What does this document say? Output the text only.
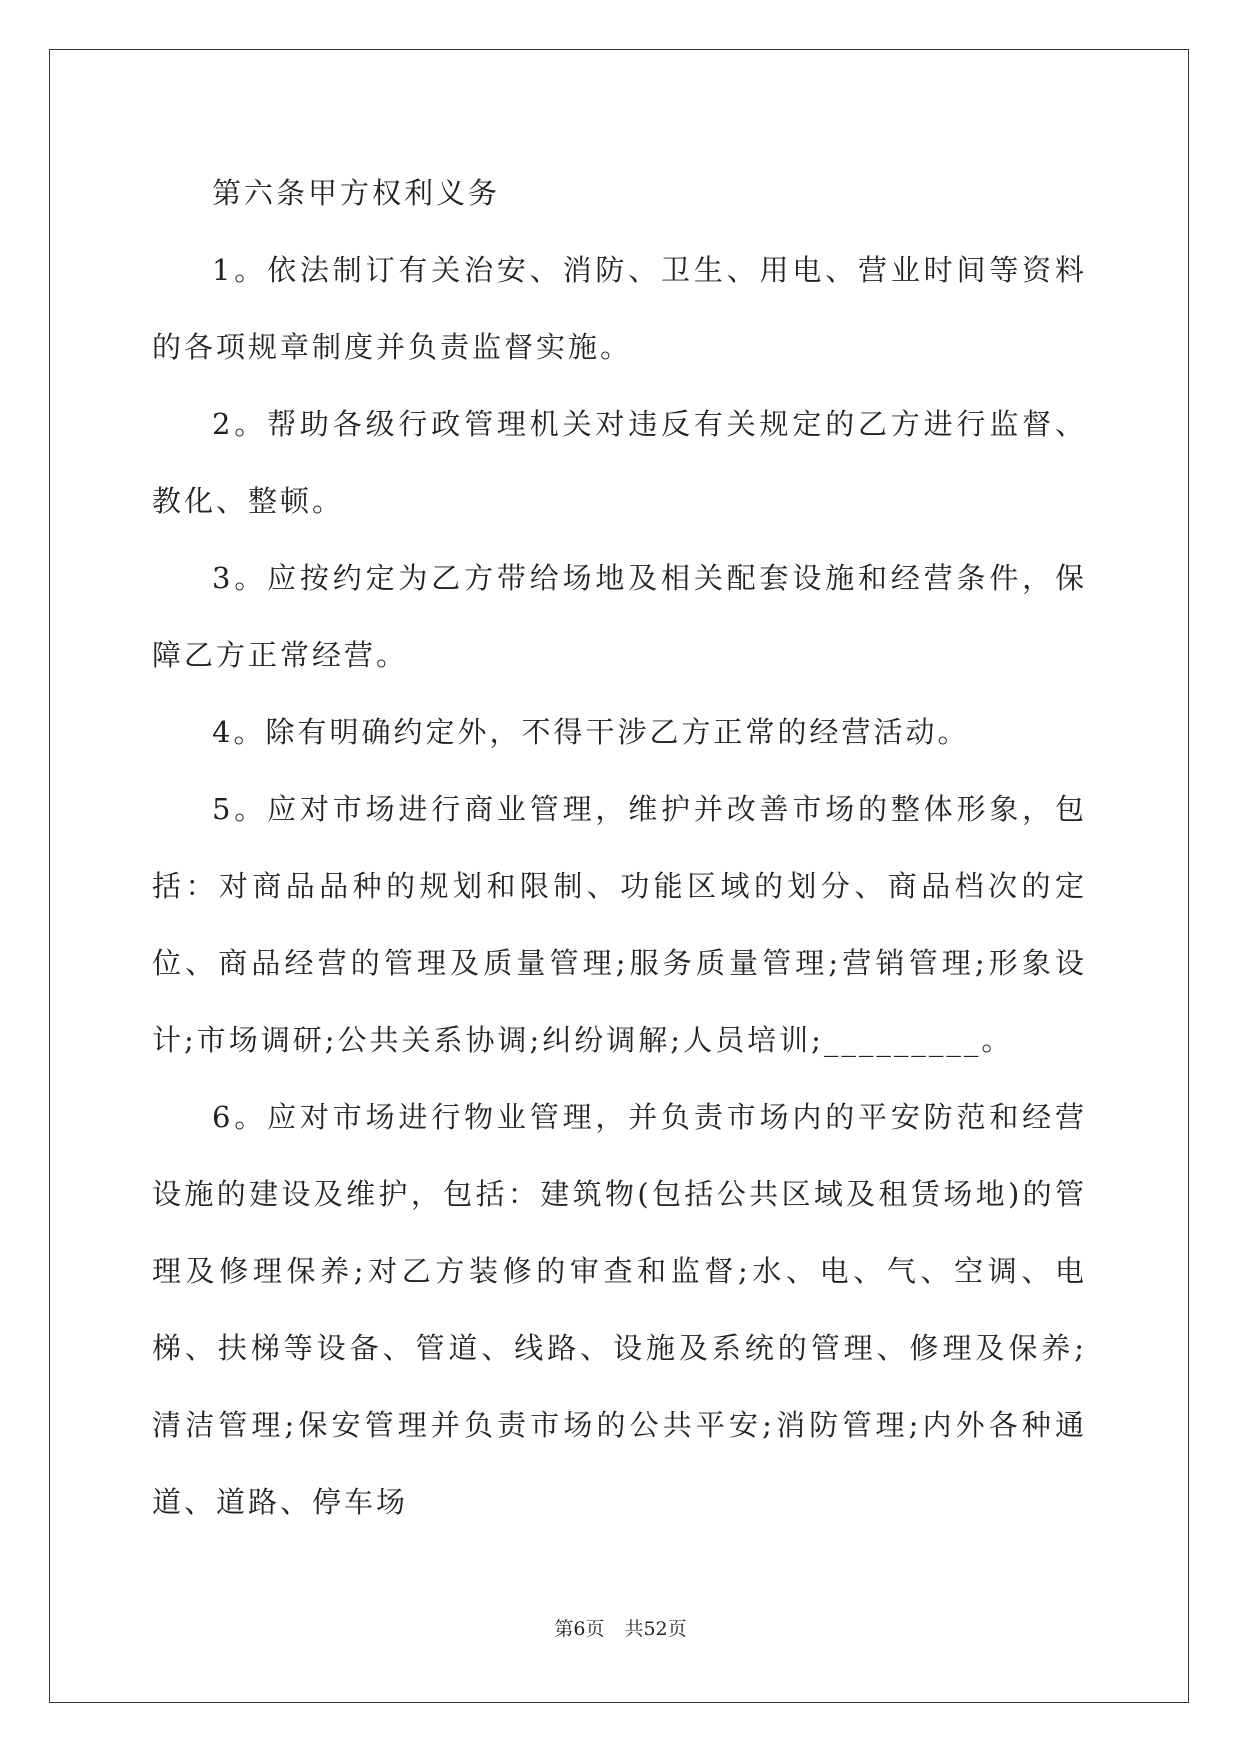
第六条甲方权利义务

1。依法制订有关治安、消防、卫生、用电、营业时间等资料的各项规章制度并负责监督实施。

2。帮助各级行政管理机关对违反有关规定的乙方进行监督、教化、整顿。

3。应按约定为乙方带给场地及相关配套设施和经营条件，保障乙方正常经营。

4。除有明确约定外，不得干涉乙方正常的经营活动。

5。应对市场进行商业管理，维护并改善市场的整体形象，包括：对商品品种的规划和限制、功能区域的划分、商品档次的定位、商品经营的管理及质量管理;服务质量管理;营销管理;形象设计;市场调研;公共关系协调;纠纷调解;人员培训;_________。

6。应对市场进行物业管理，并负责市场内的平安防范和经营设施的建设及维护，包括：建筑物(包括公共区域及租赁场地)的管理及修理保养;对乙方装修的审查和监督;水、电、气、空调、电梯、扶梯等设备、管道、线路、设施及系统的管理、修理及保养;清洁管理;保安管理并负责市场的公共平安;消防管理;内外各种通道、道路、停车场

第6页 共52页
